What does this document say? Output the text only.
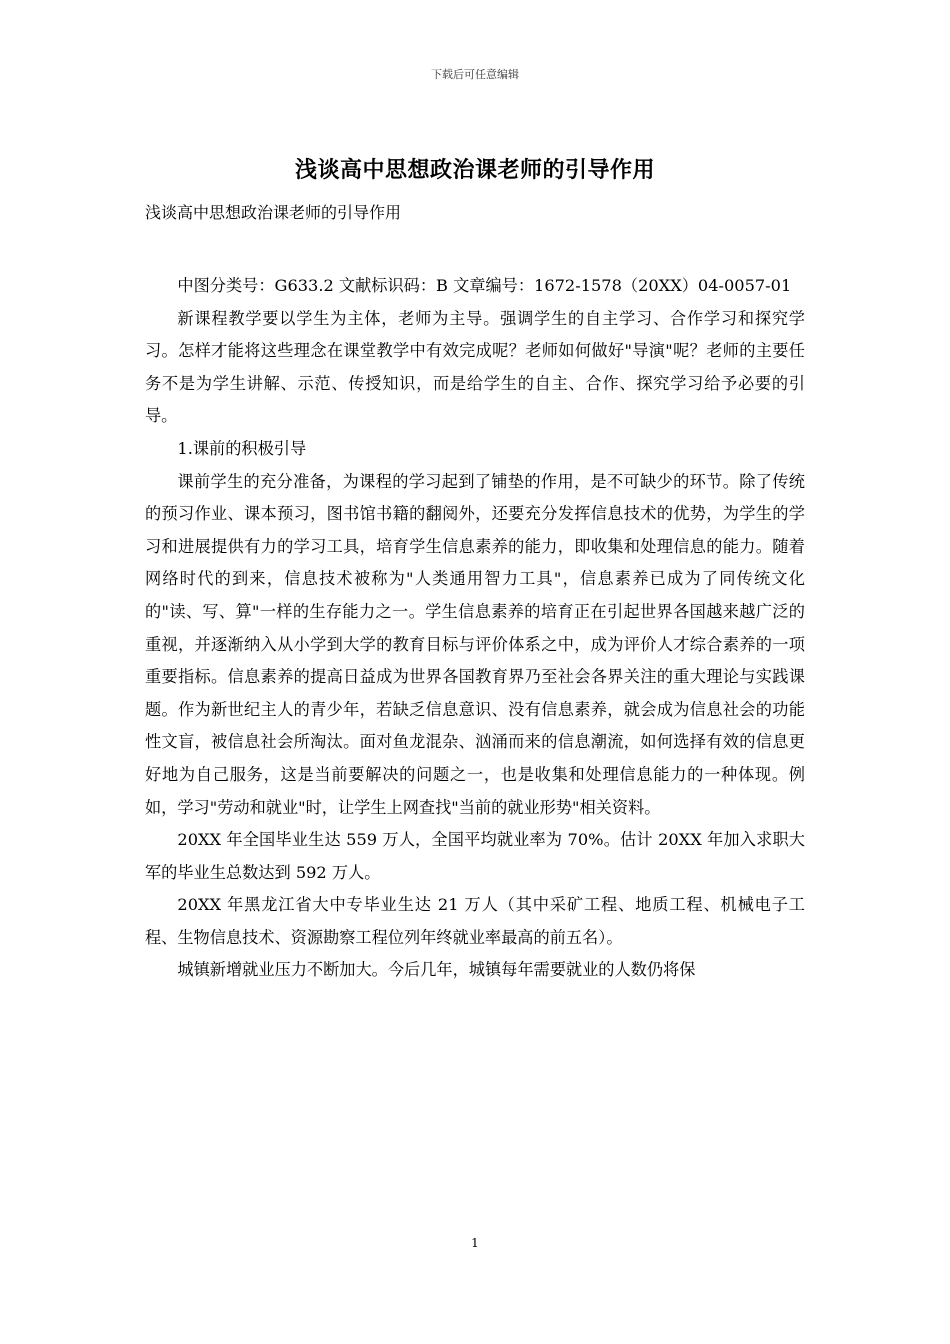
下载后可任意编辑
浅谈高中思想政治课老师的引导作用
浅谈高中思想政治课老师的引导作用

中图分类号：G633.2 文献标识码：B 文章编号：1672-1578（20XX）04-0057-01

新课程教学要以学生为主体，老师为主导。强调学生的自主学习、合作学习和探究学习。怎样才能将这些理念在课堂教学中有效完成呢？老师如何做好"导演"呢？老师的主要任务不是为学生讲解、示范、传授知识，而是给学生的自主、合作、探究学习给予必要的引导。

1.课前的积极引导

课前学生的充分准备，为课程的学习起到了铺垫的作用，是不可缺少的环节。除了传统的预习作业、课本预习，图书馆书籍的翻阅外，还要充分发挥信息技术的优势，为学生的学习和进展提供有力的学习工具，培育学生信息素养的能力，即收集和处理信息的能力。随着网络时代的到来，信息技术被称为"人类通用智力工具"，信息素养已成为了同传统文化的"读、写、算"一样的生存能力之一。学生信息素养的培育正在引起世界各国越来越广泛的重视，并逐渐纳入从小学到大学的教育目标与评价体系之中，成为评价人才综合素养的一项重要指标。信息素养的提高日益成为世界各国教育界乃至社会各界关注的重大理论与实践课题。作为新世纪主人的青少年，若缺乏信息意识、没有信息素养，就会成为信息社会的功能性文盲，被信息社会所淘汰。面对鱼龙混杂、汹涌而来的信息潮流，如何选择有效的信息更好地为自己服务，这是当前要解决的问题之一，也是收集和处理信息能力的一种体现。例如，学习"劳动和就业"时，让学生上网查找"当前的就业形势"相关资料。

20XX 年全国毕业生达 559 万人，全国平均就业率为 70%。估计 20XX 年加入求职大军的毕业生总数达到 592 万人。

20XX 年黑龙江省大中专毕业生达 21 万人（其中采矿工程、地质工程、机械电子工程、生物信息技术、资源勘察工程位列年终就业率最高的前五名）。

城镇新增就业压力不断加大。今后几年，城镇每年需要就业的人数仍将保

1
